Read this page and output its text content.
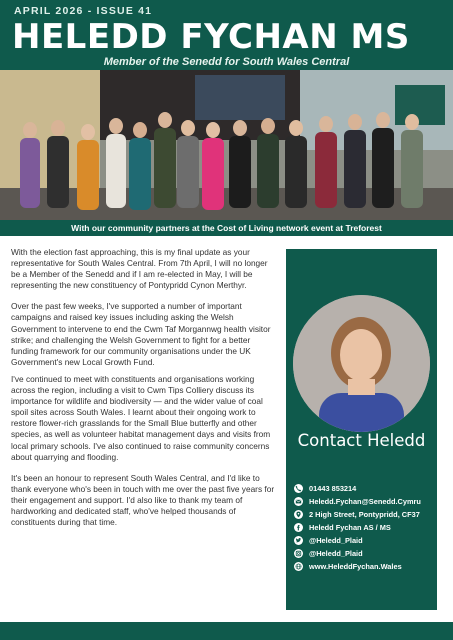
APRIL 2026 - ISSUE 41
HELEDD FYCHAN MS
Member of the Senedd for South Wales Central
With our community partners at the Cost of Living network event at Treforest

With the election fast approaching, this is my final update as your representative for South Wales Central. From 7th April, I will no longer be a Member of the Senedd and if I am re-elected in May, I will be representing the new constituency of Pontypridd Cynon Merthyr.

Over the past few weeks, I've supported a number of important campaigns and raised key issues including asking the Welsh Government to intervene to end the Cwm Taf Morgannwg health visitor strike; and challenging the Welsh Government to fight for a better funding framework for our community organisations under the UK Government's new Local Growth Fund.

I've continued to meet with constituents and organisations working across the region, including a visit to Cwm Tips Colliery discuss its importance for wildlife and biodiversity — and the wider value of coal spoil sites across South Wales. I learnt about their ongoing work to restore flower-rich grasslands for the Small Blue butterfly and other species, as well as volunteer habitat management days and visits from local primary schools. I've also continued to raise community concerns about quarrying and flooding.

It's been an honour to represent South Wales Central, and I'd like to thank everyone who's been in touch with me over the past five years for their engagement and support. I'd also like to thank my team of hardworking and dedicated staff, who've helped thousands of constituents during that time.

Contact Heledd
01443 853214
Heledd.Fychan@Senedd.Cymru
2 High Street, Pontypridd, CF37
Heledd Fychan AS / MS
@Heledd_Plaid
@Heledd_Plaid
www.HeleddFychan.Wales
